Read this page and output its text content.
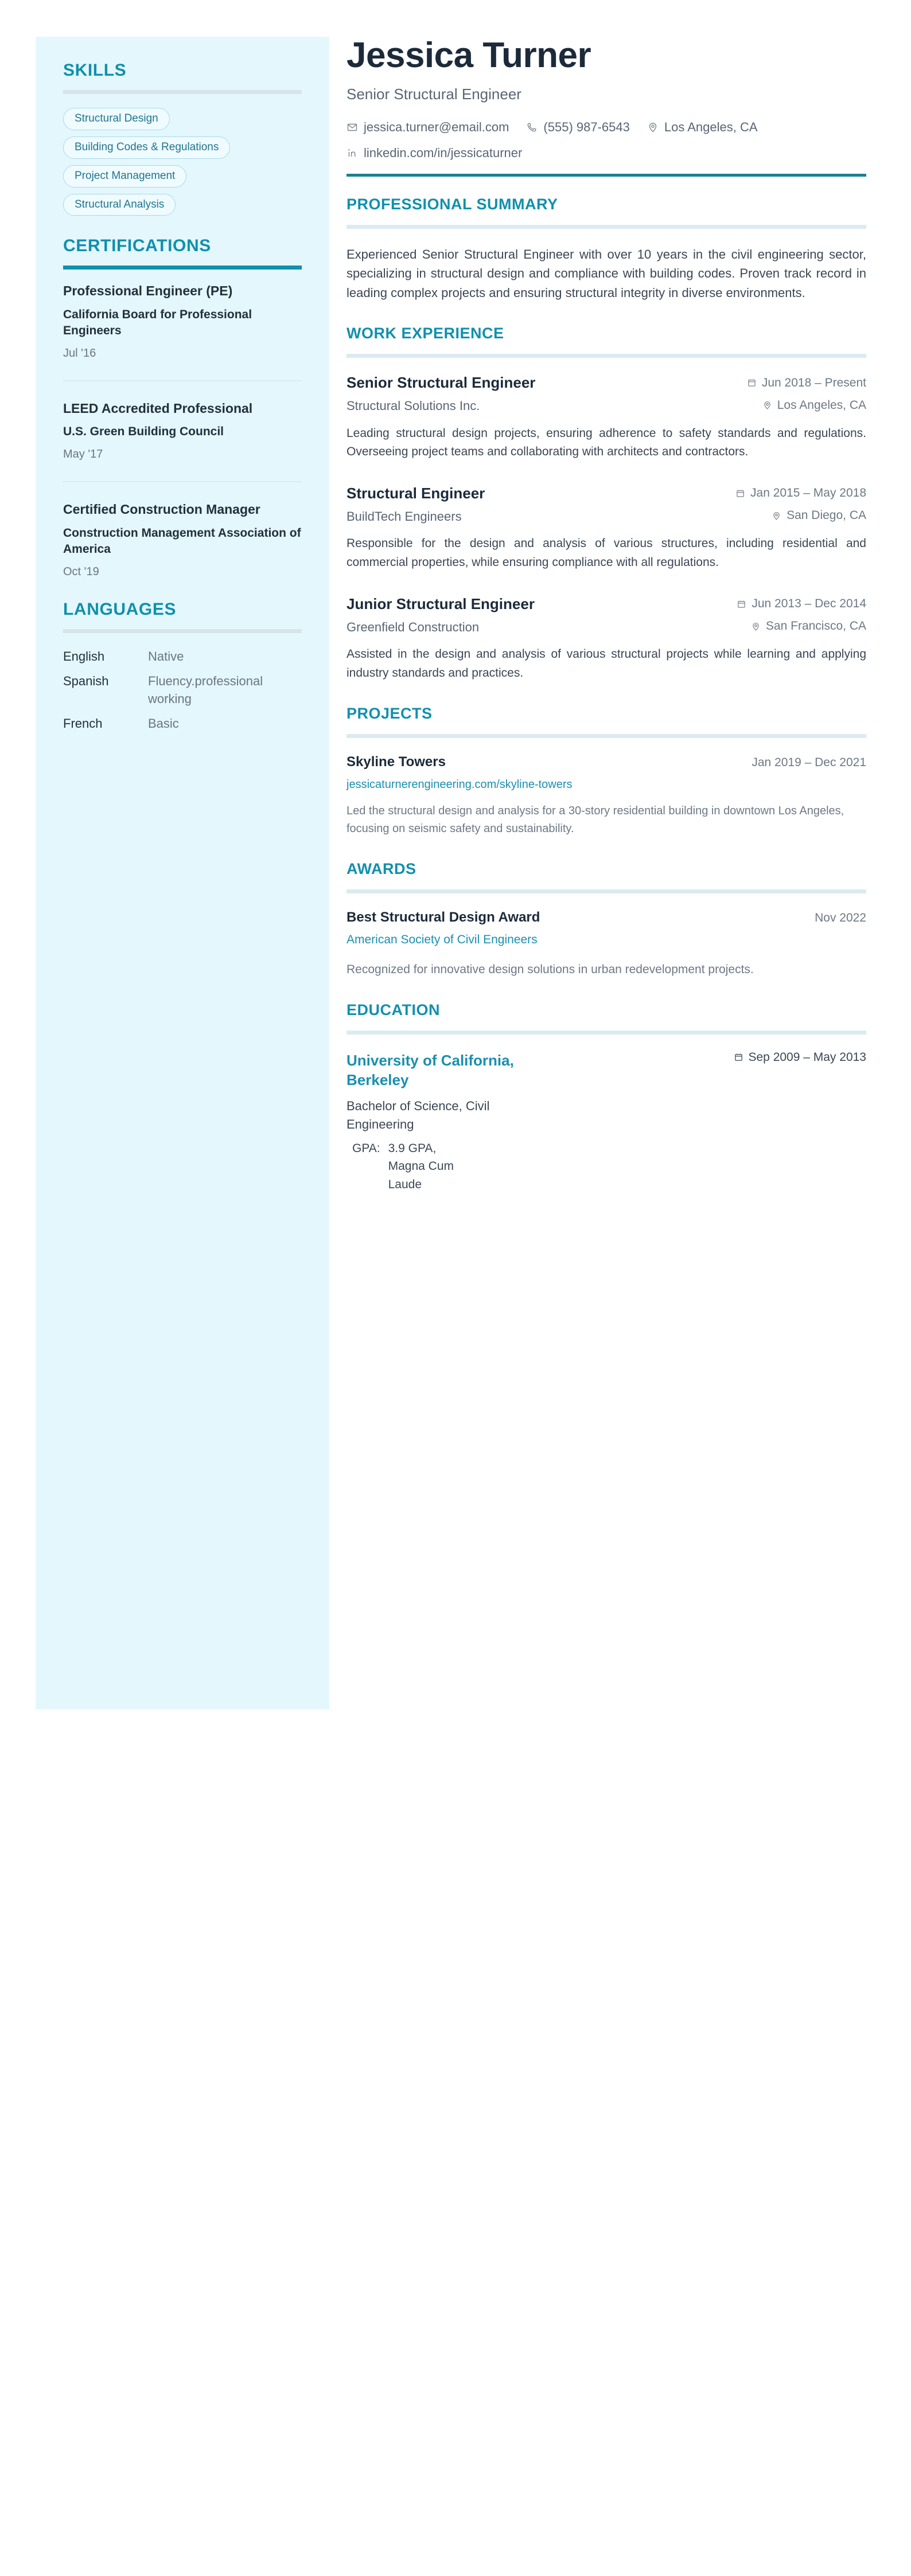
SKILLS
Structural Design
Building Codes & Regulations
Project Management
Structural Analysis
CERTIFICATIONS
Professional Engineer (PE)
California Board for Professional Engineers
Jul '16
LEED Accredited Professional
U.S. Green Building Council
May '17
Certified Construction Manager
Construction Management Association of America
Oct '19
LANGUAGES
English	Native
Spanish	Fluency.professional working
French	Basic
Jessica Turner
Senior Structural Engineer
jessica.turner@email.com	(555) 987-6543	Los Angeles, CA
linkedin.com/in/jessicaturner
PROFESSIONAL SUMMARY

Experienced Senior Structural Engineer with over 10 years in the civil engineering sector, specializing in structural design and compliance with building codes. Proven track record in leading complex projects and ensuring structural integrity in diverse environments.

WORK EXPERIENCE
Senior Structural Engineer	Jun 2018 – Present
Structural Solutions Inc.	Los Angeles, CA

Leading structural design projects, ensuring adherence to safety standards and regulations. Overseeing project teams and collaborating with architects and contractors.

Structural Engineer	Jan 2015 – May 2018
BuildTech Engineers	San Diego, CA

Responsible for the design and analysis of various structures, including residential and commercial properties, while ensuring compliance with all regulations.

Junior Structural Engineer	Jun 2013 – Dec 2014
Greenfield Construction	San Francisco, CA

Assisted in the design and analysis of various structural projects while learning and applying industry standards and practices.

PROJECTS
Skyline Towers	Jan 2019 – Dec 2021
jessicaturnerengineering.com/skyline-towers

Led the structural design and analysis for a 30-story residential building in downtown Los Angeles, focusing on seismic safety and sustainability.

AWARDS
Best Structural Design Award	Nov 2022
American Society of Civil Engineers

Recognized for innovative design solutions in urban redevelopment projects.

EDUCATION
University of California, Berkeley
Sep 2009 – May 2013
Bachelor of Science, Civil Engineering
GPA: 3.9 GPA, Magna Cum Laude
